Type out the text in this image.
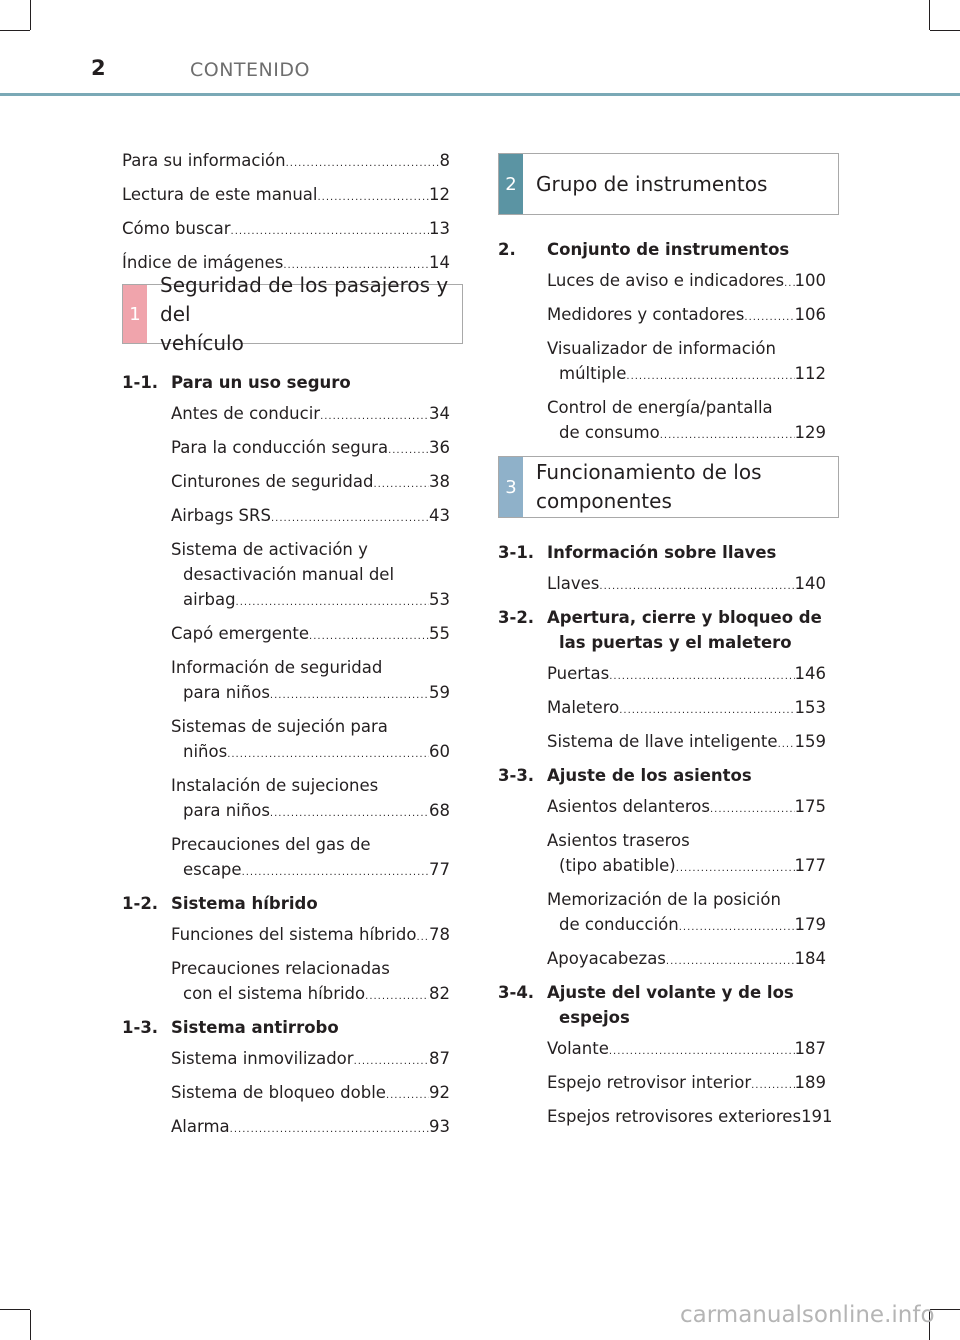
2	CONTENIDO
Para su información .....	8
Lectura de este manual .....	12
Cómo buscar .....	13
Índice de imágenes .....	14
1
Seguridad de los pasajeros y del
vehículo
1-1. Para un uso seguro
Antes de conducir .....	34
Para la conducción segura ..... 36
Cinturones de seguridad .....	38
Airbags SRS .....	43
Sistema de activación y
desactivación manual del
airbag .....	53
Capó emergente .....	55
Información de seguridad
para niños .....	59
Sistemas de sujeción para
niños .....	60
Instalación de sujeciones
para niños .....	68
Precauciones del gas de
escape .....	77
1-2. Sistema híbrido
Funciones del sistema híbrido ..... 78
Precauciones relacionadas
con el sistema híbrido .....	82
1-3. Sistema antirrobo
Sistema inmovilizador .....	87
Sistema de bloqueo doble .....	92
Alarma .....	93
2 Grupo de instrumentos
2.	Conjunto de instrumentos
Luces de aviso e indicadores ..... 100
Medidores y contadores .....	106
Visualizador de información
múltiple .....	112
Control de energía/pantalla
de consumo .....	129
3
Funcionamiento de los
componentes
3-1. Información sobre llaves
Llaves .....	140
3-2. Apertura, cierre y bloqueo de
las puertas y el maletero
Puertas .....	146
Maletero .....	153
Sistema de llave inteligente ..... 159
3-3. Ajuste de los asientos
Asientos delanteros .....	175
Asientos traseros
(tipo abatible) .....	177
Memorización de la posición
de conducción .....	179
Apoyacabezas .....	184
3-4. Ajuste del volante y de los
espejos
Volante .....	187
Espejo retrovisor interior .....	189
Espejos retrovisores exteriores 191
carmanualsonline.info
